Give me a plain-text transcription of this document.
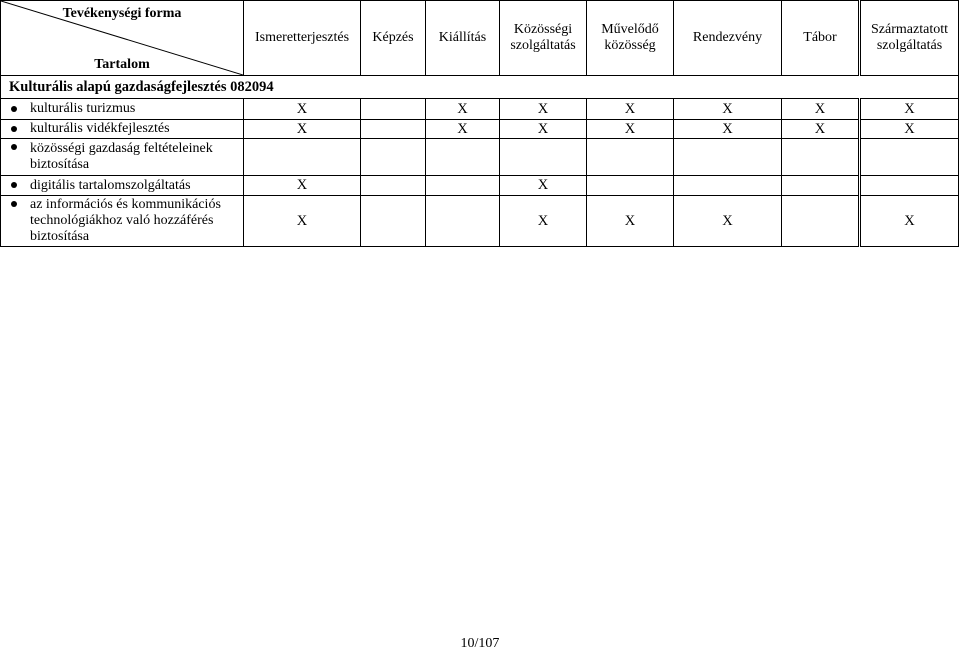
Tevékenységi forma
Tartalom	Ismeretterjesztés	Képzés	Kiállítás	Közösségi szolgáltatás	Művelődő közösség	Rendezvény	Tábor	Származtatott szolgáltatás
Kulturális alapú gazdaságfejlesztés 082094								

kulturális turizmus	X		X	X	X	X	X	X

kulturális vidékfejlesztés	X		X	X	X	X	X	X

közösségi gazdaság feltételeinek biztosítása								

digitális tartalomszolgáltatás	X			X				

az információs és kommunikációs technológiákhoz való hozzáférés biztosítása	X			X	X	X		X
10/107
